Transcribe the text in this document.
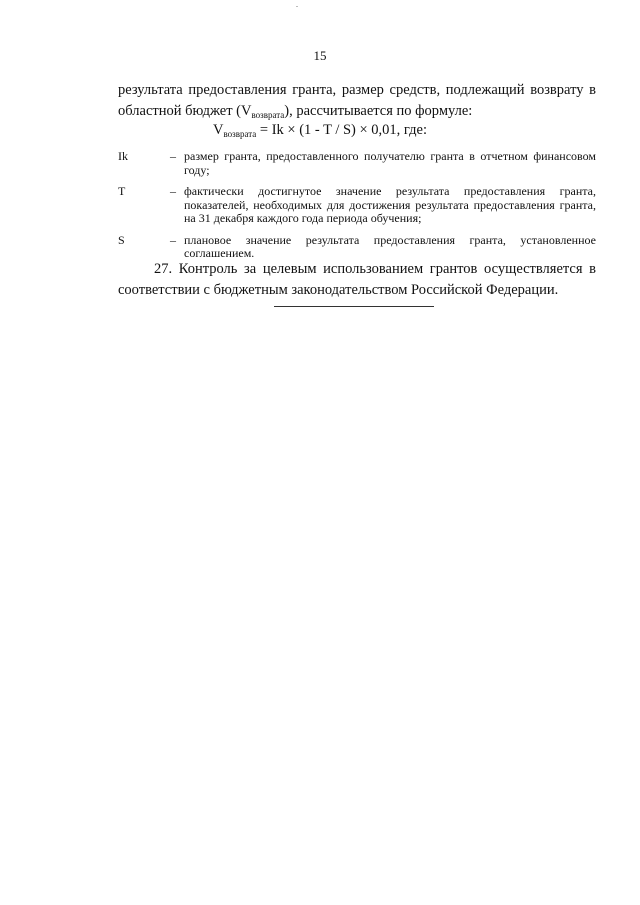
15
результата предоставления гранта, размер средств, подлежащий возврату в
областной бюджет $(V_{возврата})$, рассчитывается по формуле:
$V_{возврата} = Ik \times (1 - T / S) \times 0,01$, где:
Ik	– размер гранта, предоставленного получателю гранта в отчетном финансовом году;
T	– фактически достигнутое значение результата предоставления гранта, показателей, необходимых для достижения результата предоставления гранта, на 31 декабря каждого года периода обучения;
S	– плановое значение результата предоставления гранта, установленное соглашением.
27. Контроль за целевым использованием грантов осуществляется в соответствии с бюджетным законодательством Российской Федерации.
